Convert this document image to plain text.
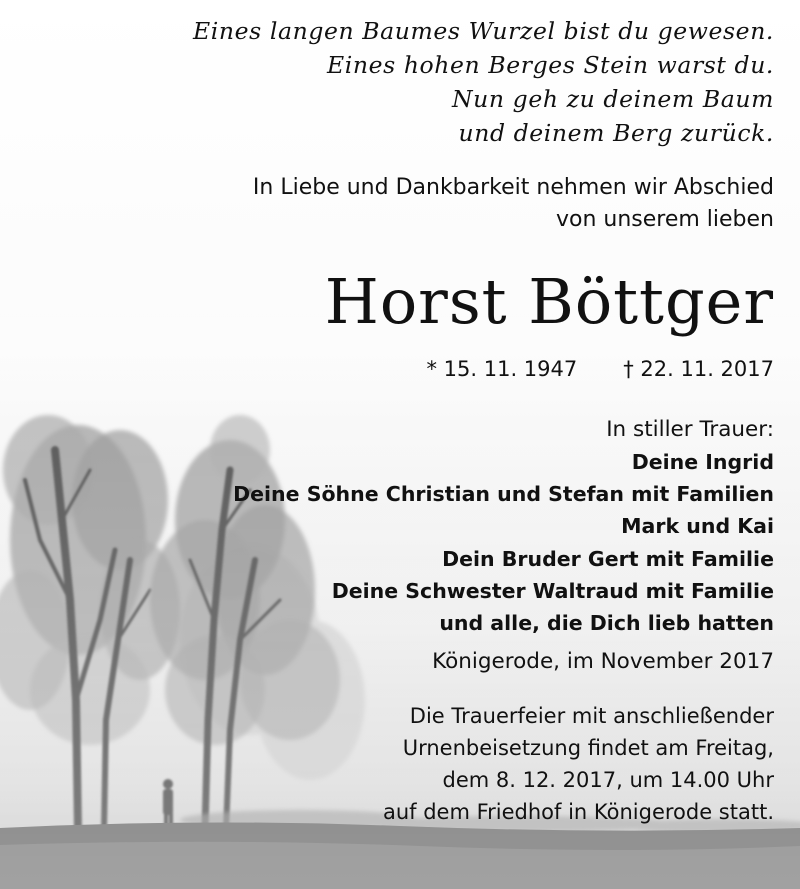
Eines langen Baumes Wurzel bist du gewesen.
Eines hohen Berges Stein warst du.
Nun geh zu deinem Baum
und deinem Berg zurück.
In Liebe und Dankbarkeit nehmen wir Abschied
von unserem lieben
Horst Böttger
* 15. 11. 1947 † 22. 11. 2017
In stiller Trauer:
Deine Ingrid
Deine Söhne Christian und Stefan mit Familien
Mark und Kai
Dein Bruder Gert mit Familie
Deine Schwester Waltraud mit Familie
und alle, die Dich lieb hatten
Königerode, im November 2017
Die Trauerfeier mit anschließender
Urnenbeisetzung findet am Freitag,
dem 8. 12. 2017, um 14.00 Uhr
auf dem Friedhof in Königerode statt.
